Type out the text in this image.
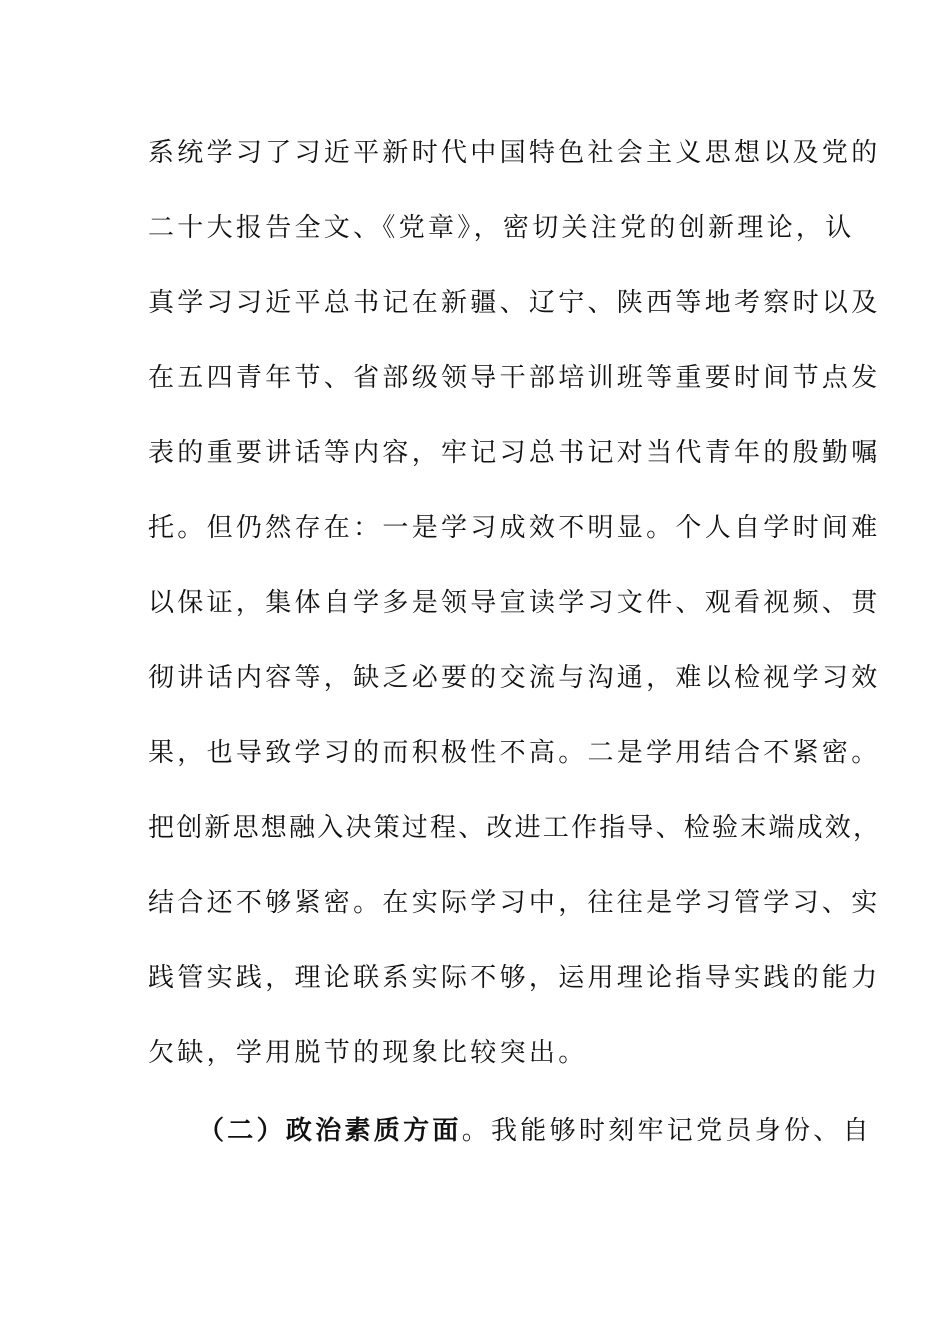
系统学习了习近平新时代中国特色社会主义思想以及党的
二十大报告全文、《党章》，密切关注党的创新理论，认
真学习习近平总书记在新疆、辽宁、陕西等地考察时以及
在五四青年节、省部级领导干部培训班等重要时间节点发
表的重要讲话等内容，牢记习总书记对当代青年的殷勤嘱
托。但仍然存在：一是学习成效不明显。个人自学时间难
以保证，集体自学多是领导宣读学习文件、观看视频、贯
彻讲话内容等，缺乏必要的交流与沟通，难以检视学习效
果，也导致学习的而积极性不高。二是学用结合不紧密。
把创新思想融入决策过程、改进工作指导、检验末端成效，
结合还不够紧密。在实际学习中，往往是学习管学习、实
践管实践，理论联系实际不够，运用理论指导实践的能力
欠缺，学用脱节的现象比较突出。
（二）政治素质方面。我能够时刻牢记党员身份、自
